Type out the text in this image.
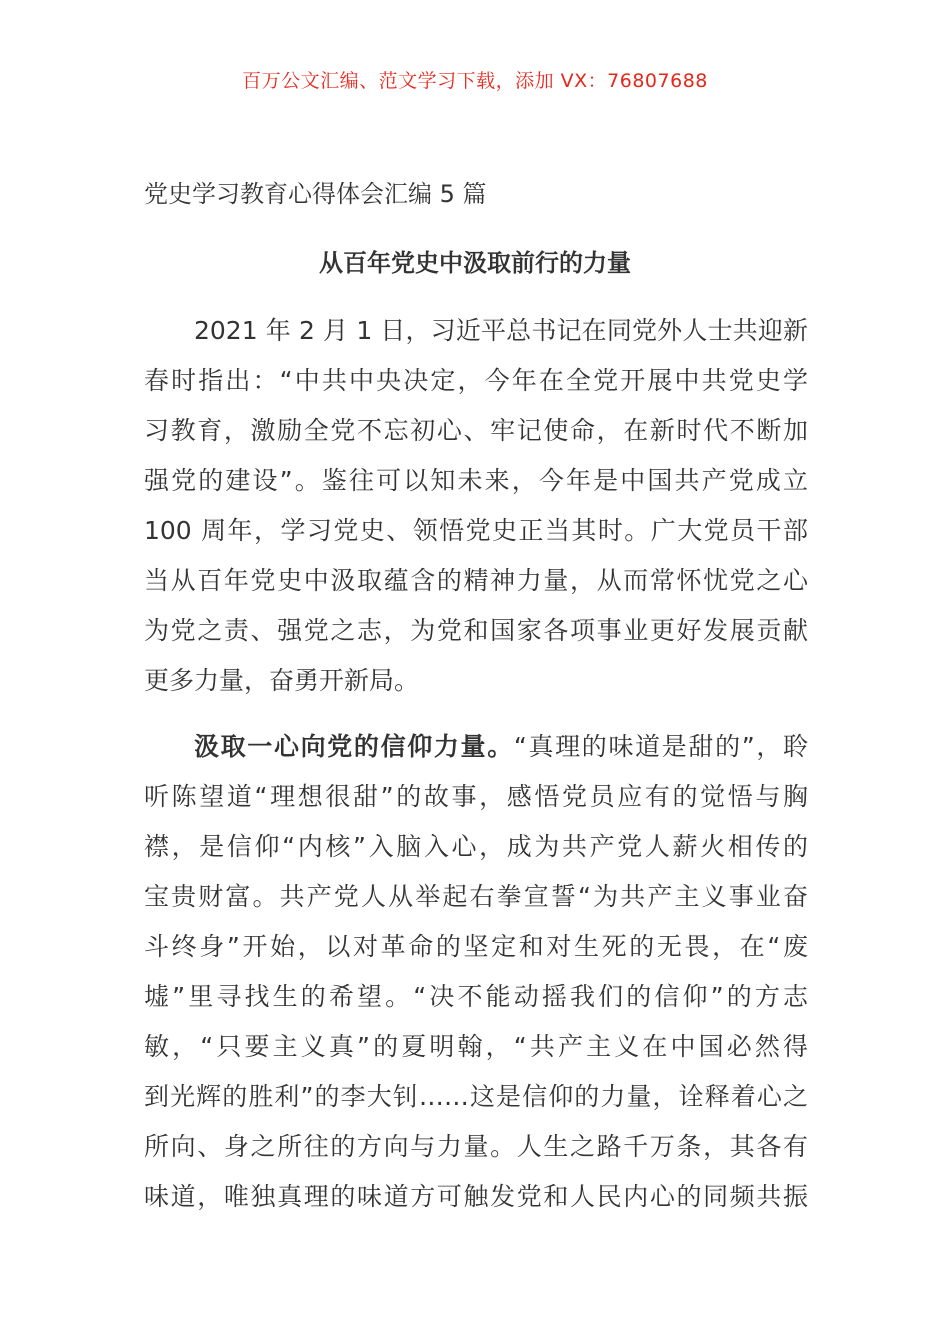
百万公文汇编、范文学习下载，添加 VX：76807688
党史学习教育心得体会汇编 5 篇
从百年党史中汲取前行的力量
2021 年 2 月 1 日，习近平总书记在同党外人士共迎新
春时指出：“中共中央决定，今年在全党开展中共党史学
习教育，激励全党不忘初心、牢记使命，在新时代不断加
强党的建设”。鉴往可以知未来，今年是中国共产党成立
100 周年，学习党史、领悟党史正当其时。广大党员干部
当从百年党史中汲取蕴含的精神力量，从而常怀忧党之心
为党之责、强党之志，为党和国家各项事业更好发展贡献
更多力量，奋勇开新局。
汲取一心向党的信仰力量。“真理的味道是甜的”，聆
听陈望道“理想很甜”的故事，感悟党员应有的觉悟与胸
襟，是信仰“内核”入脑入心，成为共产党人薪火相传的
宝贵财富。共产党人从举起右拳宣誓“为共产主义事业奋
斗终身”开始，以对革命的坚定和对生死的无畏，在“废
墟”里寻找生的希望。“决不能动摇我们的信仰”的方志
敏，“只要主义真”的夏明翰，“共产主义在中国必然得
到光辉的胜利”的李大钊……这是信仰的力量，诠释着心之
所向、身之所往的方向与力量。人生之路千万条，其各有
味道，唯独真理的味道方可触发党和人民内心的同频共振
